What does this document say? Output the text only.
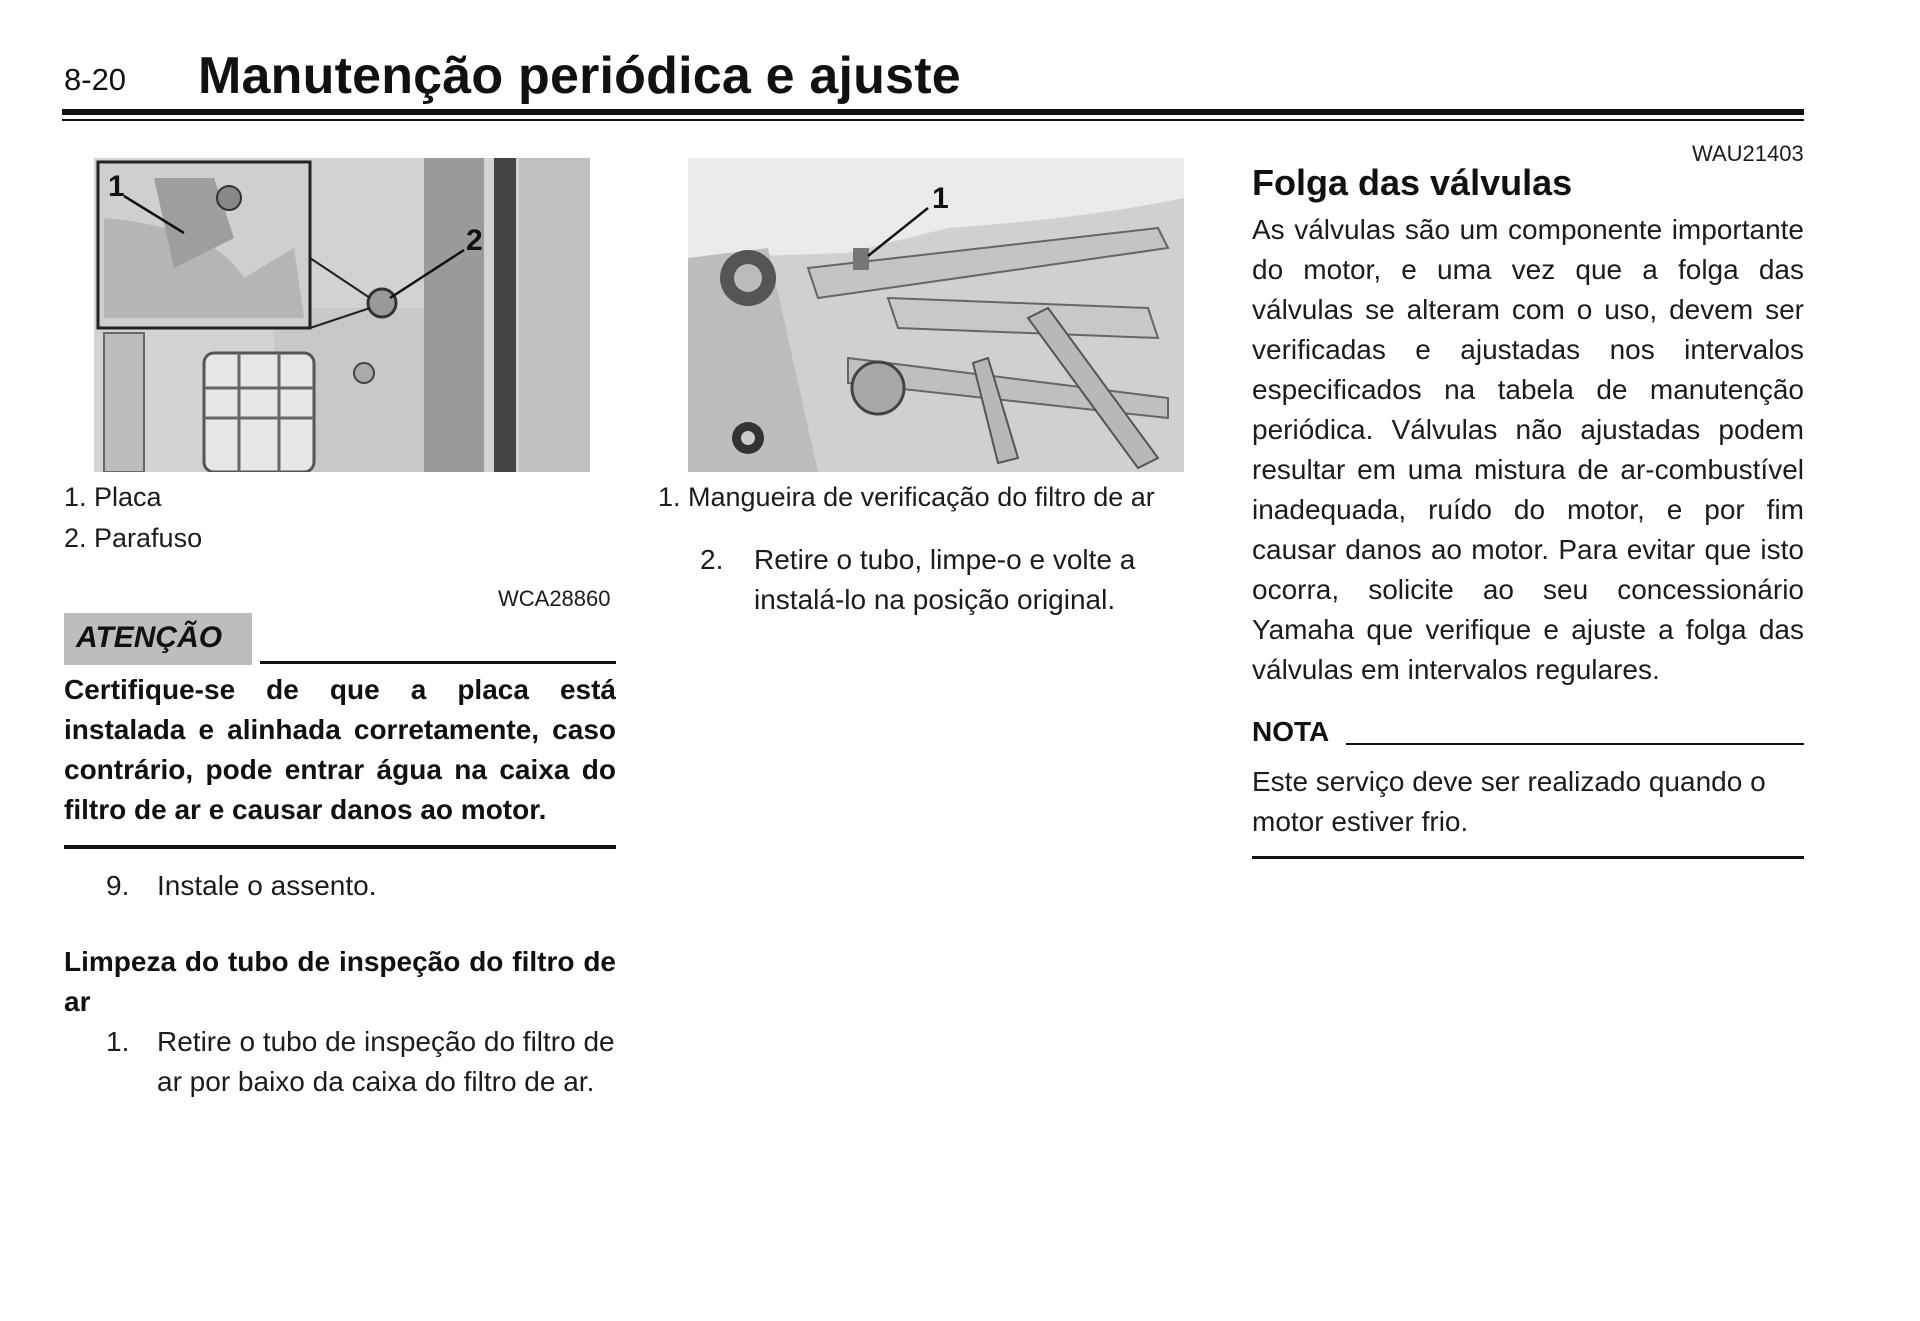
8-20 Manutenção periódica e ajuste
1
2
1. Placa
2. Parafuso
WCA28860
ATENÇÃO
Certifique-se de que a placa está instalada e alinhada corretamente, caso contrário, pode entrar água na caixa do filtro de ar e causar danos ao motor.
9. Instale o assento.
Limpeza do tubo de inspeção do filtro de ar
1. Retire o tubo de inspeção do filtro de ar por baixo da caixa do filtro de ar.
1
1. Mangueira de verificação do filtro de ar
2. Retire o tubo, limpe-o e volte a instalá-lo na posição original.
WAU21403
Folga das válvulas
As válvulas são um componente importante do motor, e uma vez que a folga das válvulas se alteram com o uso, devem ser verificadas e ajustadas nos intervalos especificados na tabela de manutenção periódica. Válvulas não ajustadas podem resultar em uma mistura de ar-combustível inadequada, ruído do motor, e por fim causar danos ao motor. Para evitar que isto ocorra, solicite ao seu concessionário Yamaha que verifique e ajuste a folga das válvulas em intervalos regulares.
NOTA
Este serviço deve ser realizado quando o motor estiver frio.
